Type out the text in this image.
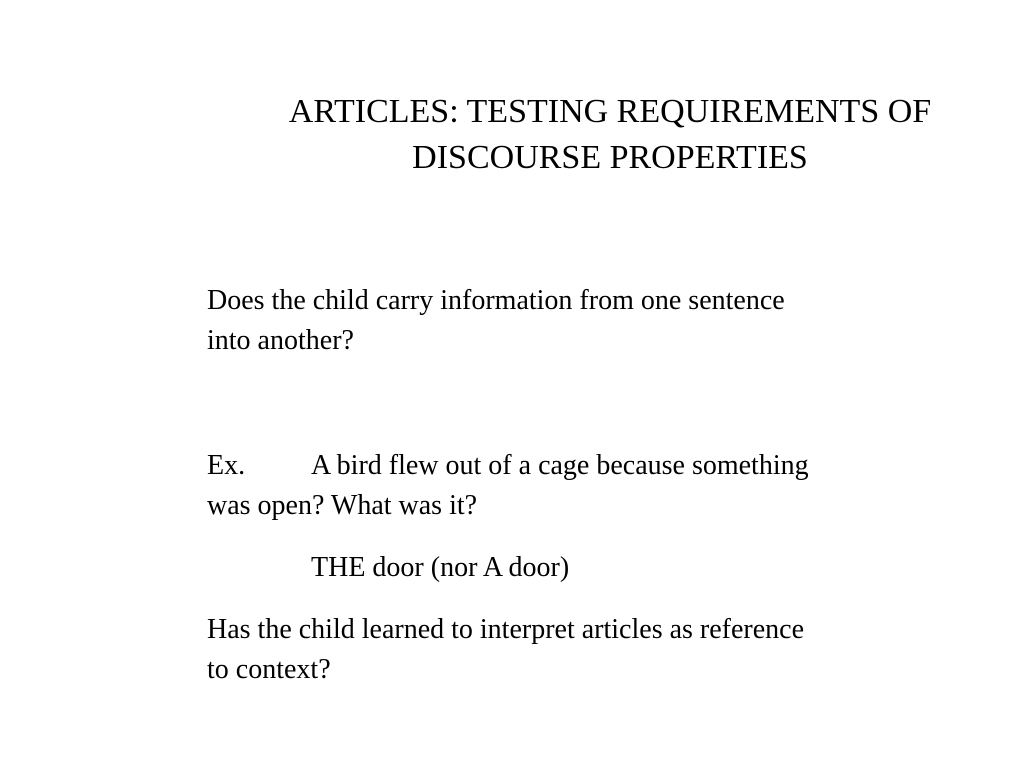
ARTICLES: TESTING REQUIREMENTS OF
DISCOURSE PROPERTIES
Does the child carry information from one sentence
into another?
Ex. A bird flew out of a cage because something
was open? What was it?
THE door (nor A door)
Has the child learned to interpret articles as reference
to context?
